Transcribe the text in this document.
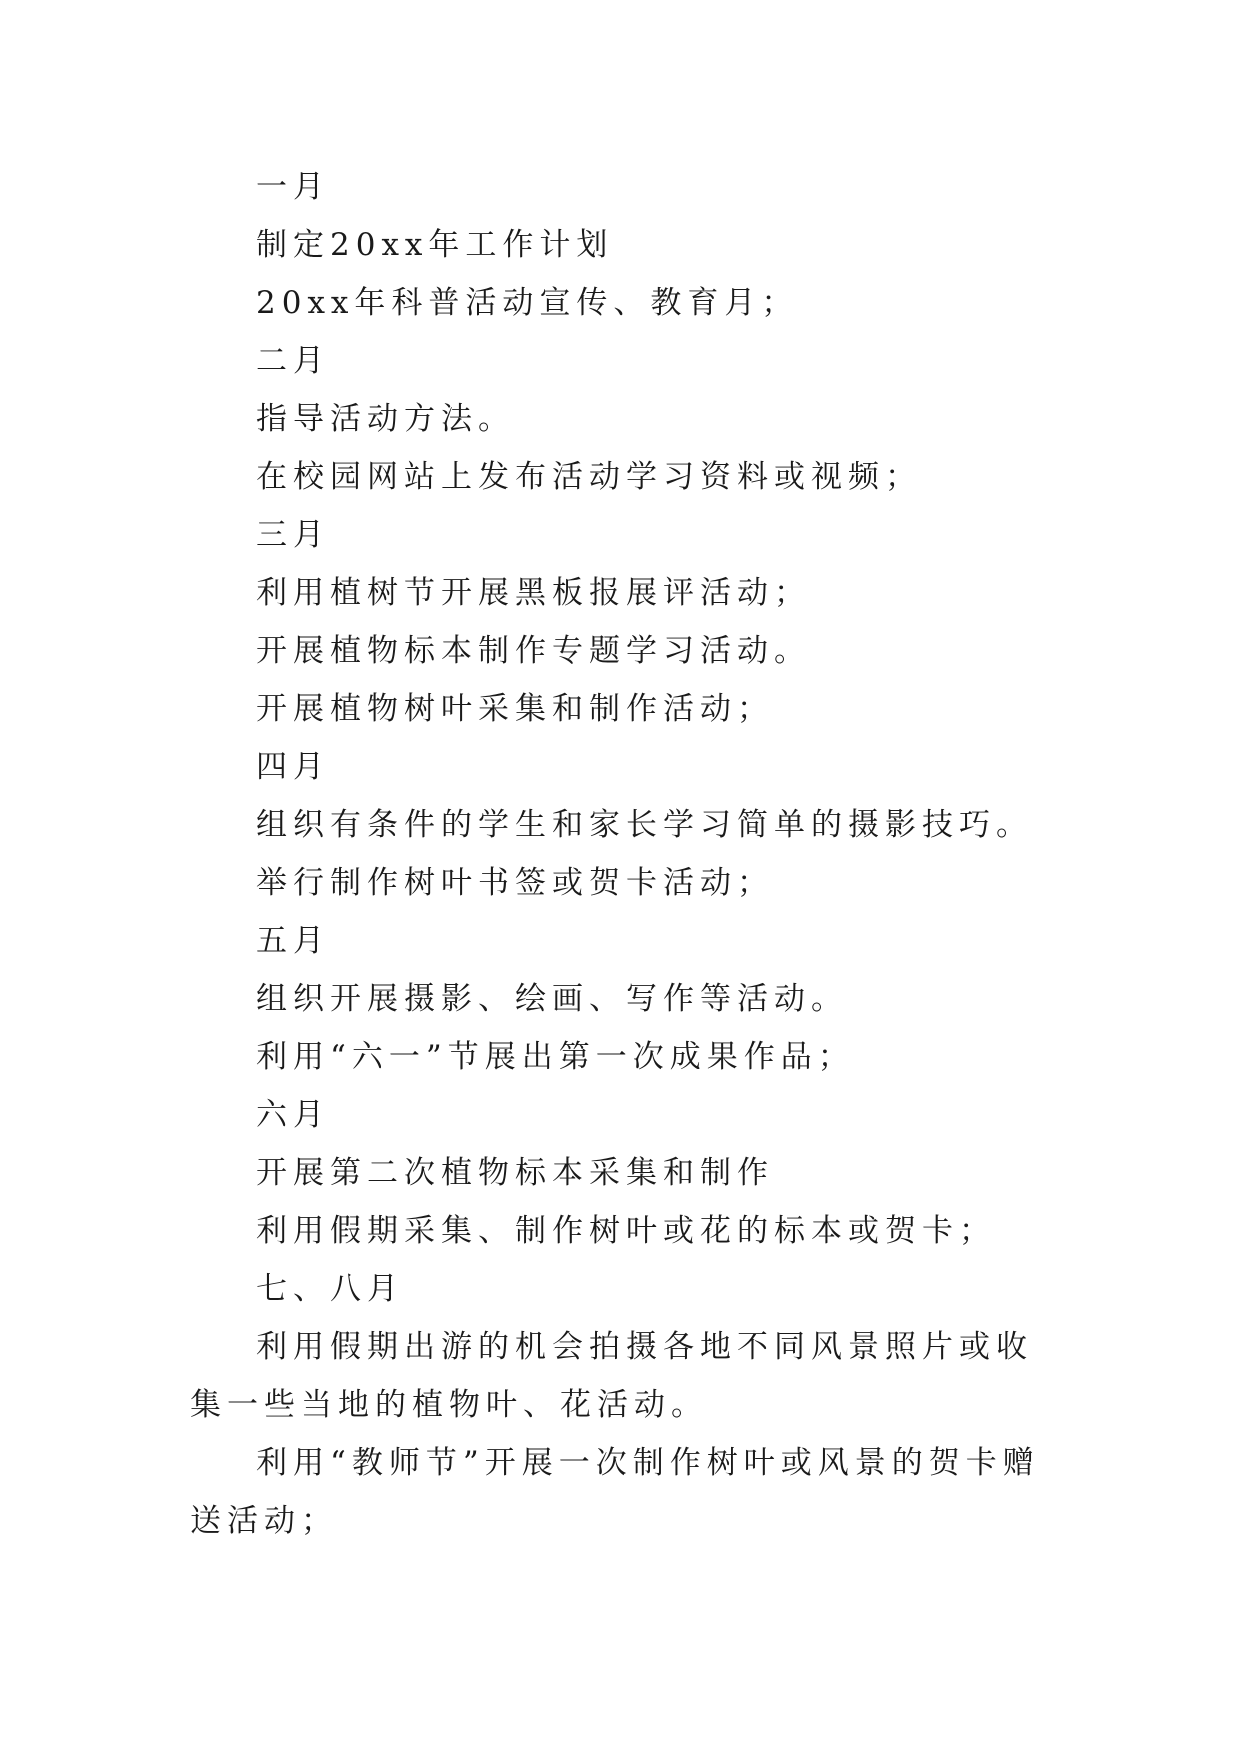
一月

制定20xx年工作计划

20xx年科普活动宣传、教育月；

二月

指导活动方法。

在校园网站上发布活动学习资料或视频；

三月

利用植树节开展黑板报展评活动；

开展植物标本制作专题学习活动。

开展植物树叶采集和制作活动；

四月

组织有条件的学生和家长学习简单的摄影技巧。

举行制作树叶书签或贺卡活动；

五月

组织开展摄影、绘画、写作等活动。

利用“六一”节展出第一次成果作品；

六月

开展第二次植物标本采集和制作

利用假期采集、制作树叶或花的标本或贺卡；

七、八月

利用假期出游的机会拍摄各地不同风景照片或收集一些当地的植物叶、花活动。

利用“教师节”开展一次制作树叶或风景的贺卡赠送活动；
